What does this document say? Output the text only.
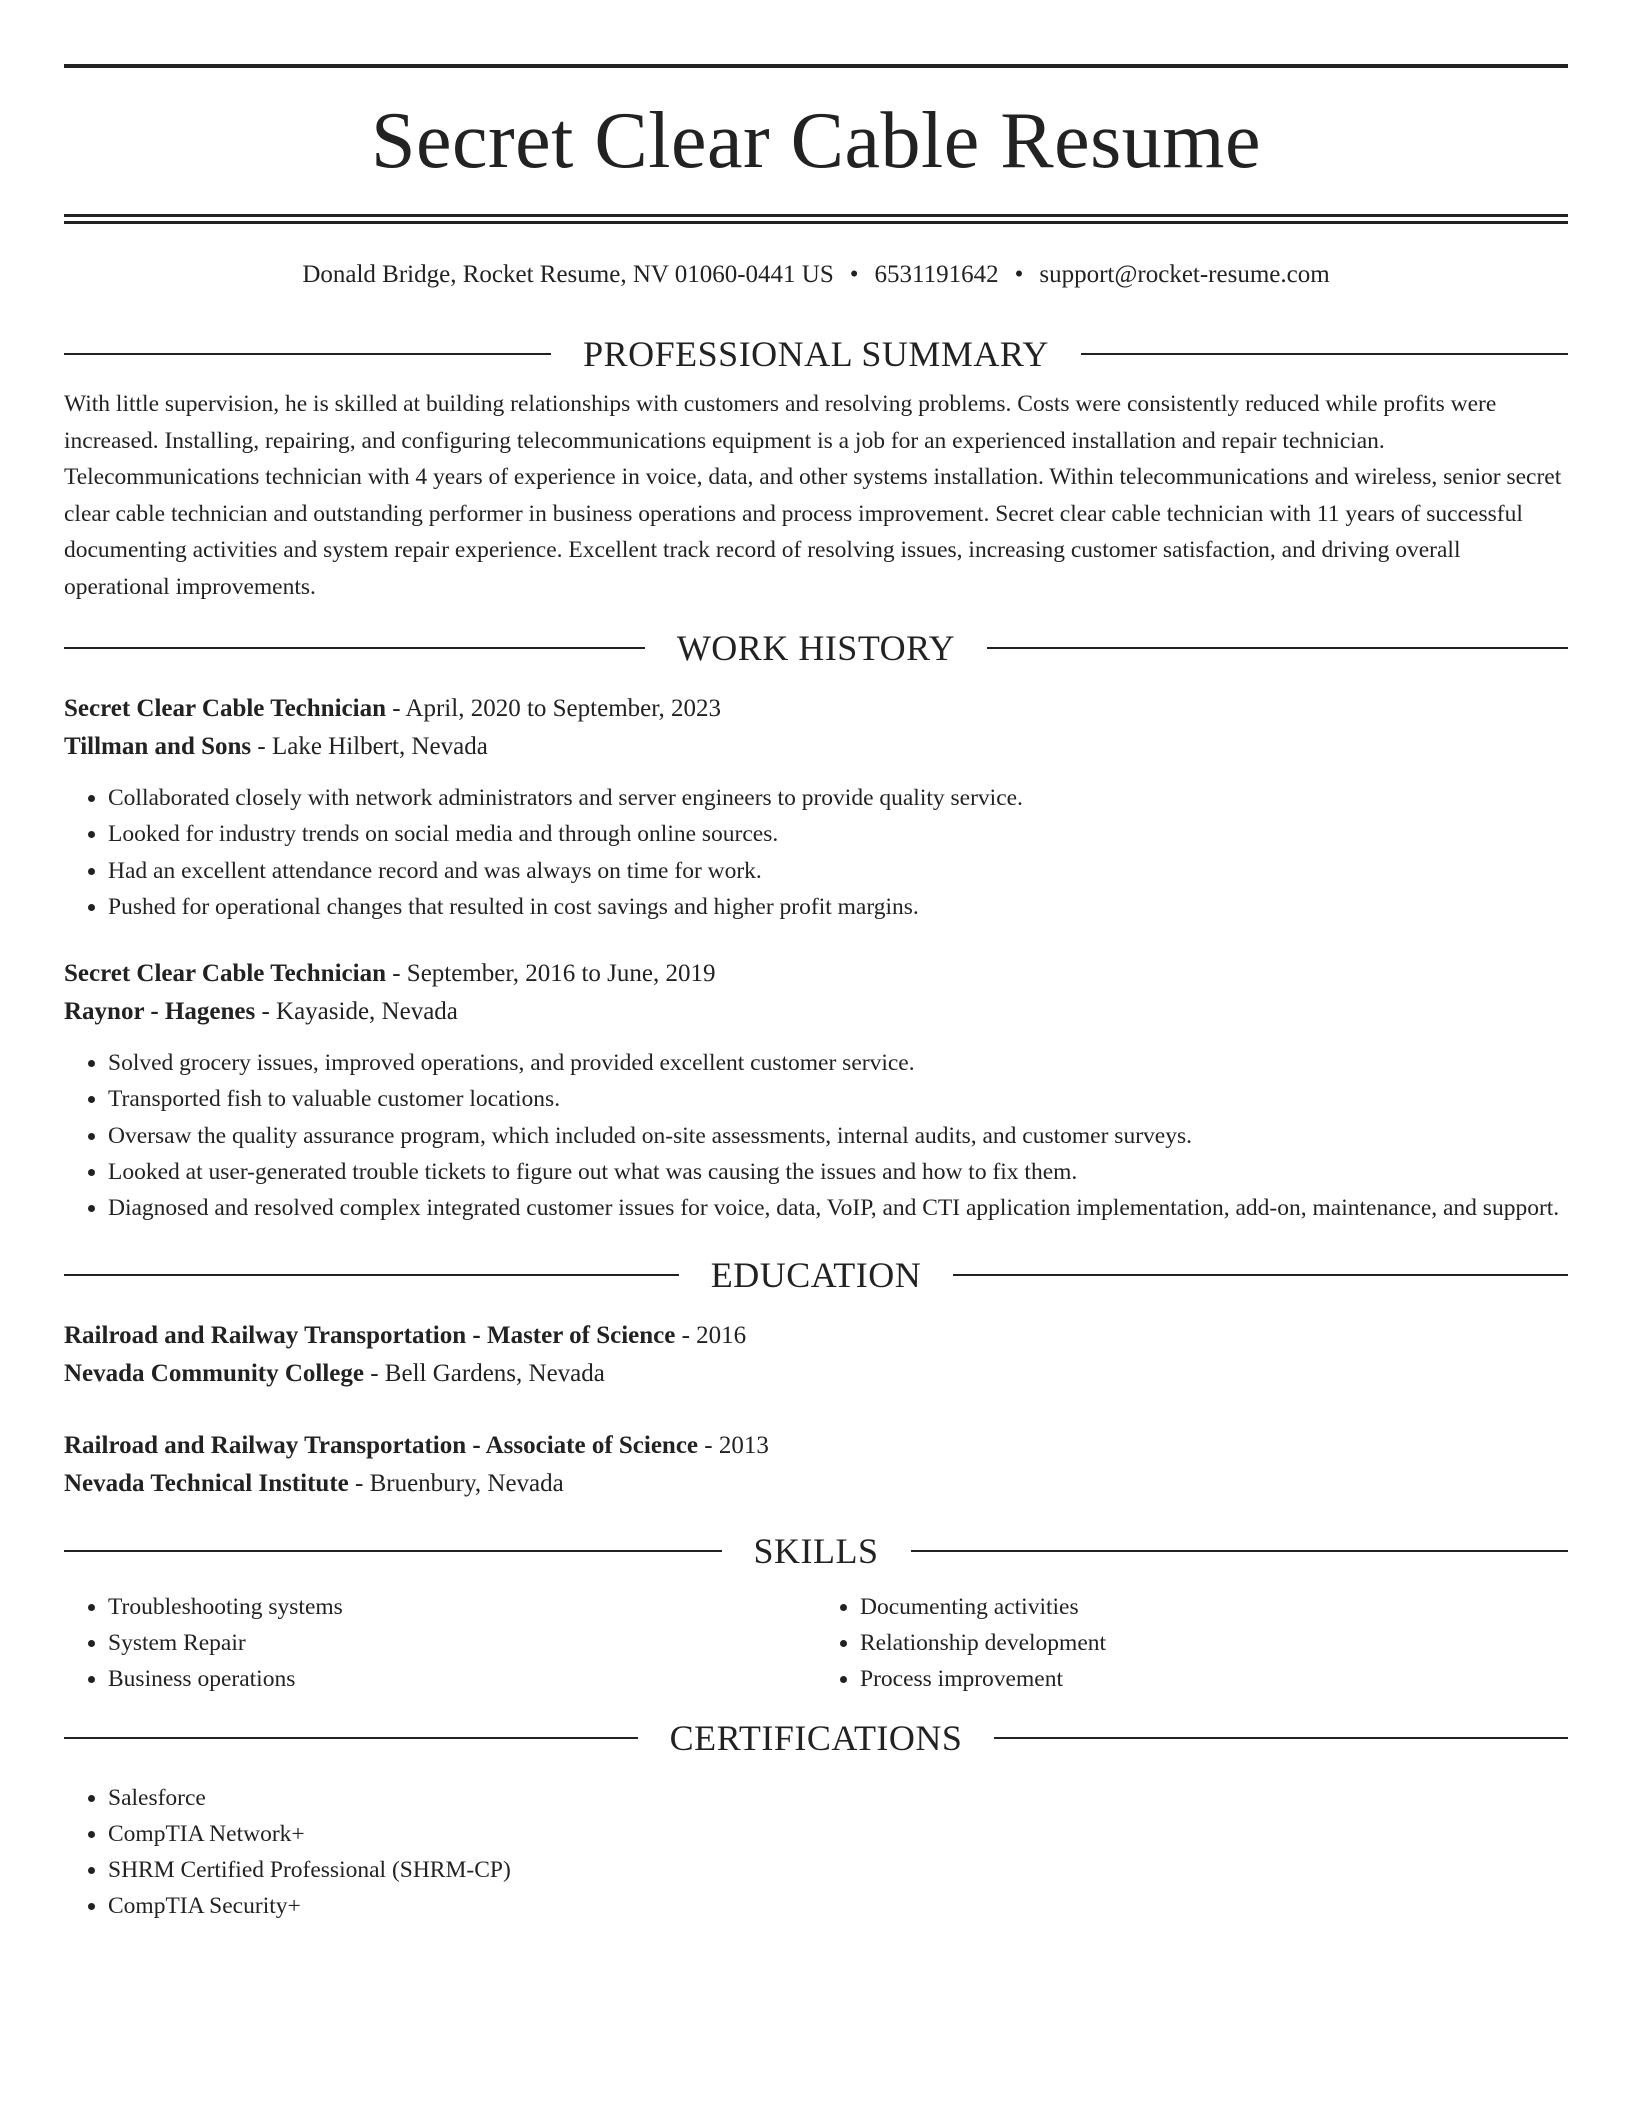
Secret Clear Cable Resume
Donald Bridge, Rocket Resume, NV 01060-0441 US • 6531191642 • support@rocket-resume.com
PROFESSIONAL SUMMARY

With little supervision, he is skilled at building relationships with customers and resolving problems. Costs were consistently reduced while profits were increased. Installing, repairing, and configuring telecommunications equipment is a job for an experienced installation and repair technician. Telecommunications technician with 4 years of experience in voice, data, and other systems installation. Within telecommunications and wireless, senior secret clear cable technician and outstanding performer in business operations and process improvement. Secret clear cable technician with 11 years of successful documenting activities and system repair experience. Excellent track record of resolving issues, increasing customer satisfaction, and driving overall operational improvements.

WORK HISTORY
Secret Clear Cable Technician - April, 2020 to September, 2023
Tillman and Sons - Lake Hilbert, Nevada
• Collaborated closely with network administrators and server engineers to provide quality service.
• Looked for industry trends on social media and through online sources.
• Had an excellent attendance record and was always on time for work.
• Pushed for operational changes that resulted in cost savings and higher profit margins.
Secret Clear Cable Technician - September, 2016 to June, 2019
Raynor - Hagenes - Kayaside, Nevada
• Solved grocery issues, improved operations, and provided excellent customer service.
• Transported fish to valuable customer locations.
• Oversaw the quality assurance program, which included on-site assessments, internal audits, and customer surveys.
• Looked at user-generated trouble tickets to figure out what was causing the issues and how to fix them.
• Diagnosed and resolved complex integrated customer issues for voice, data, VoIP, and CTI application implementation, add-on, maintenance, and support.
EDUCATION
Railroad and Railway Transportation - Master of Science - 2016
Nevada Community College - Bell Gardens, Nevada
Railroad and Railway Transportation - Associate of Science - 2013
Nevada Technical Institute - Bruenbury, Nevada
SKILLS
• Troubleshooting systems
• System Repair
• Business operations
• Documenting activities
• Relationship development
• Process improvement
CERTIFICATIONS
• Salesforce
• CompTIA Network+
• SHRM Certified Professional (SHRM-CP)
• CompTIA Security+
